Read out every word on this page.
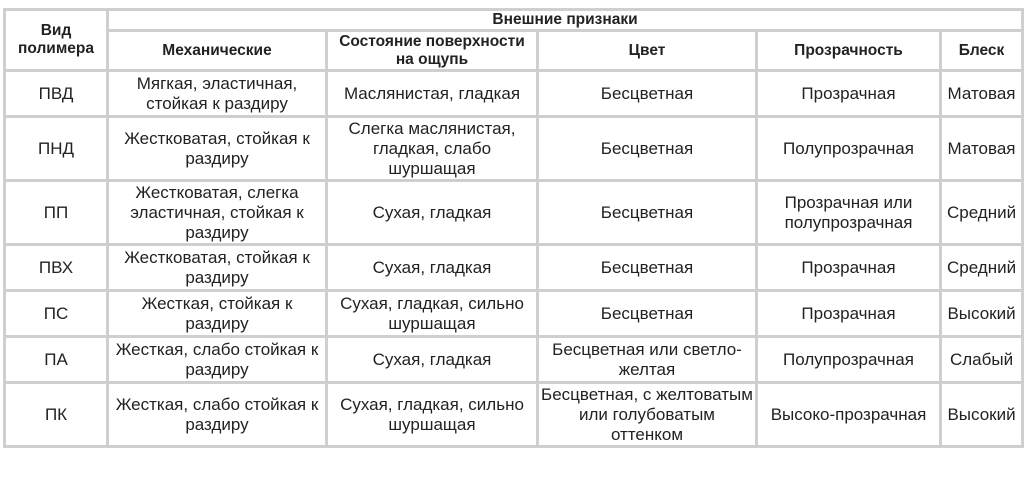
Вид полимера	Внешние признаки				
	Механические	Состояние поверхности на ощупь	Цвет	Прозрачность	Блеск
ПВД	Мягкая, эластичная, стойкая к раздиру	Маслянистая, гладкая	Бесцветная	Прозрачная	Матовая
ПНД	Жестковатая, стойкая к раздиру	Слегка маслянистая, гладкая, слабо шуршащая	Бесцветная	Полупрозрачная	Матовая
ПП	Жестковатая, слегка эластичная, стойкая к раздиру	Сухая, гладкая	Бесцветная	Прозрачная или полупрозрачная	Средний
ПВХ	Жестковатая, стойкая к раздиру	Сухая, гладкая	Бесцветная	Прозрачная	Средний
ПС	Жесткая, стойкая к раздиру	Сухая, гладкая, сильно шуршащая	Бесцветная	Прозрачная	Высокий
ПА	Жесткая, слабо стойкая к раздиру	Сухая, гладкая	Бесцветная или светло-желтая	Полупрозрачная	Слабый
ПК	Жесткая, слабо стойкая к раздиру	Сухая, гладкая, сильно шуршащая	Бесцветная, с желтоватым или голубоватым оттенком	Высоко-прозрачная	Высокий
